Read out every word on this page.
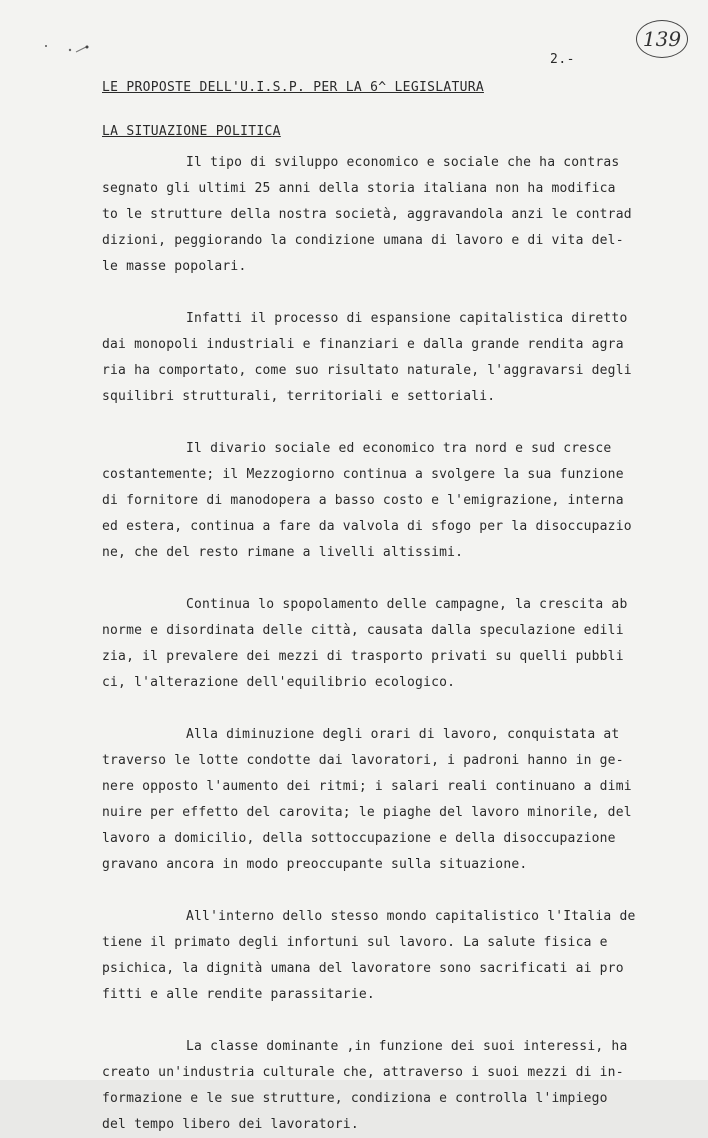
139
2.-
LE PROPOSTE DELL'U.I.S.P. PER LA 6^ LEGISLATURA
LA SITUAZIONE POLITICA
Il tipo di sviluppo economico e sociale che ha contras
segnato gli ultimi 25 anni della storia italiana non ha modifica
to le strutture della nostra società, aggravandola anzi le contrad
dizioni, peggiorando la condizione umana di lavoro e di vita del-
le masse popolari.
Infatti il processo di espansione capitalistica diretto
dai monopoli industriali e finanziari e dalla grande rendita agra
ria ha comportato, come suo risultato naturale, l'aggravarsi degli
squilibri strutturali, territoriali e settoriali.
Il divario sociale ed economico tra nord e sud cresce
costantemente; il Mezzogiorno continua a svolgere la sua funzione
di fornitore di manodopera a basso costo e l'emigrazione, interna
ed estera, continua a fare da valvola di sfogo per la disoccupazio
ne, che del resto rimane a livelli altissimi.
Continua lo spopolamento delle campagne, la crescita ab
norme e disordinata delle città, causata dalla speculazione edili
zia, il prevalere dei mezzi di trasporto privati su quelli pubbli
ci, l'alterazione dell'equilibrio ecologico.
Alla diminuzione degli orari di lavoro, conquistata at
traverso le lotte condotte dai lavoratori, i padroni hanno in ge-
nere opposto l'aumento dei ritmi; i salari reali continuano a dimi
nuire per effetto del carovita; le piaghe del lavoro minorile, del
lavoro a domicilio, della sottoccupazione e della disoccupazione
gravano ancora in modo preoccupante sulla situazione.
All'interno dello stesso mondo capitalistico l'Italia de
tiene il primato degli infortuni sul lavoro. La salute fisica e
psichica, la dignità umana del lavoratore sono sacrificati ai pro
fitti e alle rendite parassitarie.
La classe dominante ,in funzione dei suoi interessi, ha
creato un'industria culturale che, attraverso i suoi mezzi di in-
formazione e le sue strutture, condiziona e controlla l'impiego
del tempo libero dei lavoratori.
